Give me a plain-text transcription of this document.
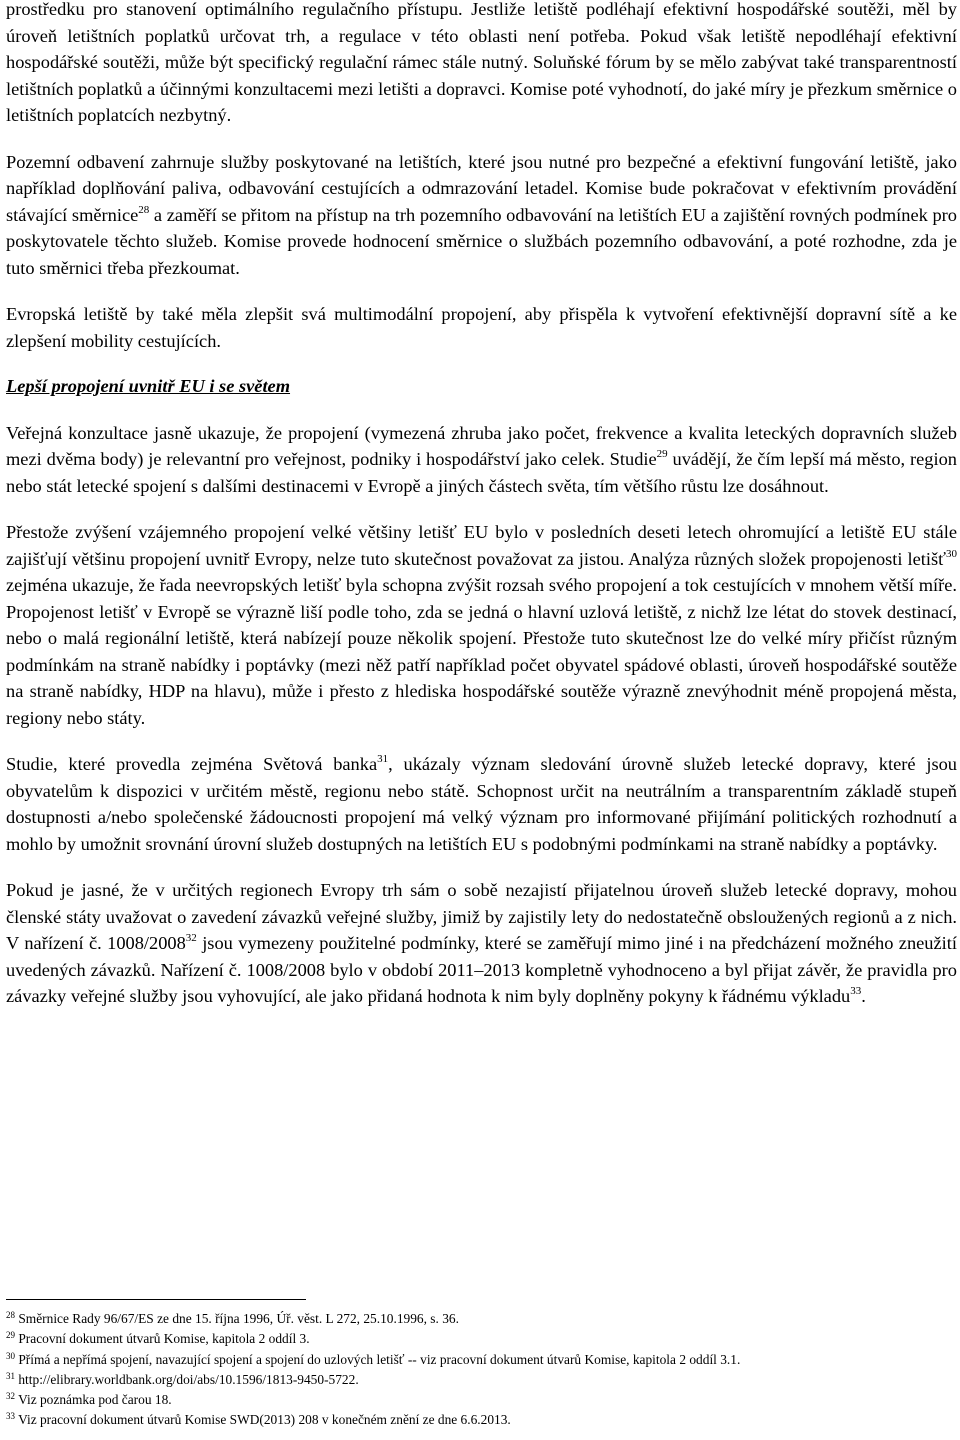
prostředku pro stanovení optimálního regulačního přístupu. Jestliže letiště podléhají efektivní hospodářské soutěži, měl by úroveň letištních poplatků určovat trh, a regulace v této oblasti není potřeba. Pokud však letiště nepodléhají efektivní hospodářské soutěži, může být specifický regulační rámec stále nutný. Soluňské fórum by se mělo zabývat také transparentností letištních poplatků a účinnými konzultacemi mezi letišti a dopravci. Komise poté vyhodnotí, do jaké míry je přezkum směrnice o letištních poplatcích nezbytný.

Pozemní odbavení zahrnuje služby poskytované na letištích, které jsou nutné pro bezpečné a efektivní fungování letiště, jako například doplňování paliva, odbavování cestujících a odmrazování letadel. Komise bude pokračovat v efektivním provádění stávající směrnice$^{28}$ a zaměří se přitom na přístup na trh pozemního odbavování na letištích EU a zajištění rovných podmínek pro poskytovatele těchto služeb. Komise provede hodnocení směrnice o službách pozemního odbavování, a poté rozhodne, zda je tuto směrnici třeba přezkoumat.

Evropská letiště by také měla zlepšit svá multimodální propojení, aby přispěla k vytvoření efektivnější dopravní sítě a ke zlepšení mobility cestujících.

Lepší propojení uvnitř EU i se světem

Veřejná konzultace jasně ukazuje, že propojení (vymezená zhruba jako počet, frekvence a kvalita leteckých dopravních služeb mezi dvěma body) je relevantní pro veřejnost, podniky i hospodářství jako celek. Studie$^{29}$ uvádějí, že čím lepší má město, region nebo stát letecké spojení s dalšími destinacemi v Evropě a jiných částech světa, tím většího růstu lze dosáhnout.

Přestože zvýšení vzájemného propojení velké většiny letišť EU bylo v posledních deseti letech ohromující a letiště EU stále zajišťují většinu propojení uvnitř Evropy, nelze tuto skutečnost považovat za jistou. Analýza různých složek propojenosti letišť$^{30}$ zejména ukazuje, že řada neevropských letišť byla schopna zvýšit rozsah svého propojení a tok cestujících v mnohem větší míře. Propojenost letišť v Evropě se výrazně liší podle toho, zda se jedná o hlavní uzlová letiště, z nichž lze létat do stovek destinací, nebo o malá regionální letiště, která nabízejí pouze několik spojení. Přestože tuto skutečnost lze do velké míry přičíst různým podmínkám na straně nabídky i poptávky (mezi něž patří například počet obyvatel spádové oblasti, úroveň hospodářské soutěže na straně nabídky, HDP na hlavu), může i přesto z hlediska hospodářské soutěže výrazně znevýhodnit méně propojená města, regiony nebo státy.

Studie, které provedla zejména Světová banka$^{31}$, ukázaly význam sledování úrovně služeb letecké dopravy, které jsou obyvatelům k dispozici v určitém městě, regionu nebo státě. Schopnost určit na neutrálním a transparentním základě stupeň dostupnosti a/nebo společenské žádoucnosti propojení má velký význam pro informované přijímání politických rozhodnutí a mohlo by umožnit srovnání úrovní služeb dostupných na letištích EU s podobnými podmínkami na straně nabídky a poptávky.

Pokud je jasné, že v určitých regionech Evropy trh sám o sobě nezajistí přijatelnou úroveň služeb letecké dopravy, mohou členské státy uvažovat o zavedení závazků veřejné služby, jimiž by zajistily lety do nedostatečně obsloužených regionů a z nich. V nařízení č. 1008/2008$^{32}$ jsou vymezeny použitelné podmínky, které se zaměřují mimo jiné i na předcházení možného zneužití uvedených závazků. Nařízení č. 1008/2008 bylo v období 2011–2013 kompletně vyhodnoceno a byl přijat závěr, že pravidla pro závazky veřejné služby jsou vyhovující, ale jako přidaná hodnota k nim byly doplněny pokyny k řádnému výkladu$^{33}$.

$^{28}$ Směrnice Rady 96/67/ES ze dne 15. října 1996, Úř. věst. L 272, 25.10.1996, s. 36.
$^{29}$ Pracovní dokument útvarů Komise, kapitola 2 oddíl 3.
$^{30}$ Přímá a nepřímá spojení, navazující spojení a spojení do uzlových letišť -- viz pracovní dokument útvarů Komise, kapitola 2 oddíl 3.1.
$^{31}$ http://elibrary.worldbank.org/doi/abs/10.1596/1813-9450-5722.
$^{32}$ Viz poznámka pod čarou 18.
$^{33}$ Viz pracovní dokument útvarů Komise SWD(2013) 208 v konečném znění ze dne 6.6.2013.
